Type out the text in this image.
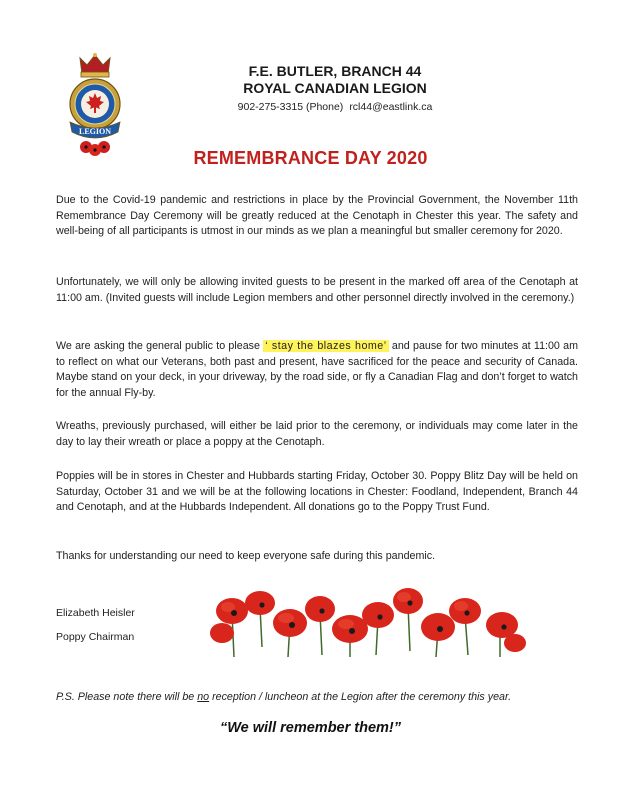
LEGION
F.E. BUTLER, BRANCH 44
ROYAL CANADIAN LEGION
902-275-3315 (Phone) rcl44@eastlink.ca
REMEMBRANCE DAY 2020
Due to the Covid-19 pandemic and restrictions in place by the Provincial Government, the November 11th Remembrance Day Ceremony will be greatly reduced at the Cenotaph in Chester this year. The safety and well-being of all participants is utmost in our minds as we plan a meaningful but smaller ceremony for 2020.
Unfortunately, we will only be allowing invited guests to be present in the marked off area of the Cenotaph at 11:00 am. (Invited guests will include Legion members and other personnel directly involved in the ceremony.)
We are asking the general public to please ‘ stay the blazes home’ and pause for two minutes at 11:00 am to reflect on what our Veterans, both past and present, have sacrificed for the peace and security of Canada. Maybe stand on your deck, in your driveway, by the road side, or fly a Canadian Flag and don’t forget to watch for the annual Fly-by.
Wreaths, previously purchased, will either be laid prior to the ceremony, or individuals may come later in the day to lay their wreath or place a poppy at the Cenotaph.
Poppies will be in stores in Chester and Hubbards starting Friday, October 30. Poppy Blitz Day will be held on Saturday, October 31 and we will be at the following locations in Chester: Foodland, Independent, Branch 44 and Cenotaph, and at the Hubbards Independent. All donations go to the Poppy Trust Fund.
Thanks for understanding our need to keep everyone safe during this pandemic.
Elizabeth Heisler
Poppy Chairman
P.S. Please note there will be no reception / luncheon at the Legion after the ceremony this year.
“We will remember them!”
